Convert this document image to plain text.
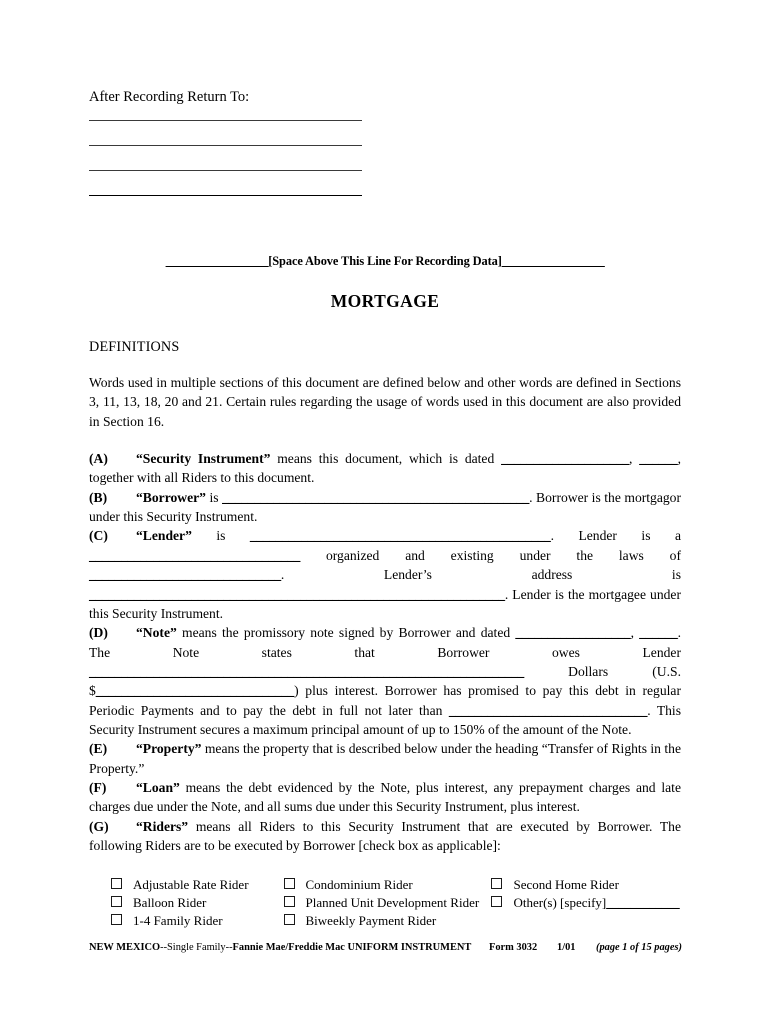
After Recording Return To:
__________________[Space Above This Line For Recording Data]__________________
MORTGAGE
DEFINITIONS

Words used in multiple sections of this document are defined below and other words are defined in Sections 3, 11, 13, 18, 20 and 21. Certain rules regarding the usage of words used in this document are also provided in Section 16.

(A) “Security Instrument” means this document, which is dated ____________________, ______, together with all Riders to this document.
(B) “Borrower” is ________________________________________________. Borrower is the mortgagor under this Security Instrument.
(C) “Lender” is _______________________________________________. Lender is a _________________________________ organized and existing under the laws of ______________________________. Lender’s address is _________________________________________________________________. Lender is the mortgagee under this Security Instrument.
(D) “Note” means the promissory note signed by Borrower and dated __________________, ______. The Note states that Borrower owes Lender ____________________________________________________________________ Dollars (U.S. $_______________________________) plus interest. Borrower has promised to pay this debt in regular Periodic Payments and to pay the debt in full not later than _______________________________. This Security Instrument secures a maximum principal amount of up to 150% of the amount of the Note.
(E) “Property” means the property that is described below under the heading “Transfer of Rights in the Property.”
(F) “Loan” means the debt evidenced by the Note, plus interest, any prepayment charges and late charges due under the Note, and all sums due under this Security Instrument, plus interest.
(G) “Riders” means all Riders to this Security Instrument that are executed by Borrower. The following Riders are to be executed by Borrower [check box as applicable]:
Adjustable Rate Rider	Condominium Rider	Second Home Rider
Balloon Rider	Planned Unit Development Rider	Other(s) [specify]____________
1-4 Family Rider	Biweekly Payment Rider	
NEW MEXICO--Single Family--Fannie Mae/Freddie Mac UNIFORM INSTRUMENT Form 3032 1/01 (page 1 of 15 pages)
